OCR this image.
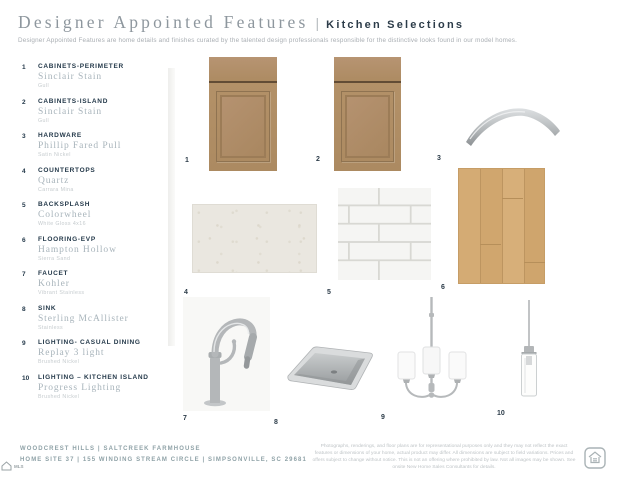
Designer Appointed Features | Kitchen Selections
Designer Appointed Features are home details and finishes curated by the talented design professionals responsible for the distinctive looks found in our model homes.
1	CABINETS-PERIMETER
Sinclair Stain
Gull
2	CABINETS-ISLAND
Sinclair Stain
Gull
3	HARDWARE
Phillip Fared Pull
Satin Nickel
4	COUNTERTOPS
Quartz
Carrara Mina
5	BACKSPLASH
Colorwheel
White Gloss 4x16
6	FLOORING-EVP
Hampton Hollow
Sierra Sand
7	FAUCET
Kohler
Vibrant Stainless
8	SINK
Sterling McAllister
Stainless
9	LIGHTING- CASUAL DINING
Replay 3 light
Brushed Nickel
10	LIGHTING – KITCHEN ISLAND
Progress Lighting
Brushed Nickel
1	2	3
4	5
6
7
8
9
10
WOODCREST HILLS | SALTCREEK FARMHOUSE
HOME SITE 37 | 155 WINDING STREAM CIRCLE | SIMPSONVILLE, SC 29681
MLS
Photographs, renderings, and floor plans are for representational purposes only and they may not reflect the exact features or dimensions of your home, actual product may differ. All dimensions are subject to field variations. Prices and offers subject to change without notice. This is not an offering where prohibited by law. Not all images may be shown. See onsite New Home Sales Consultants for details.
